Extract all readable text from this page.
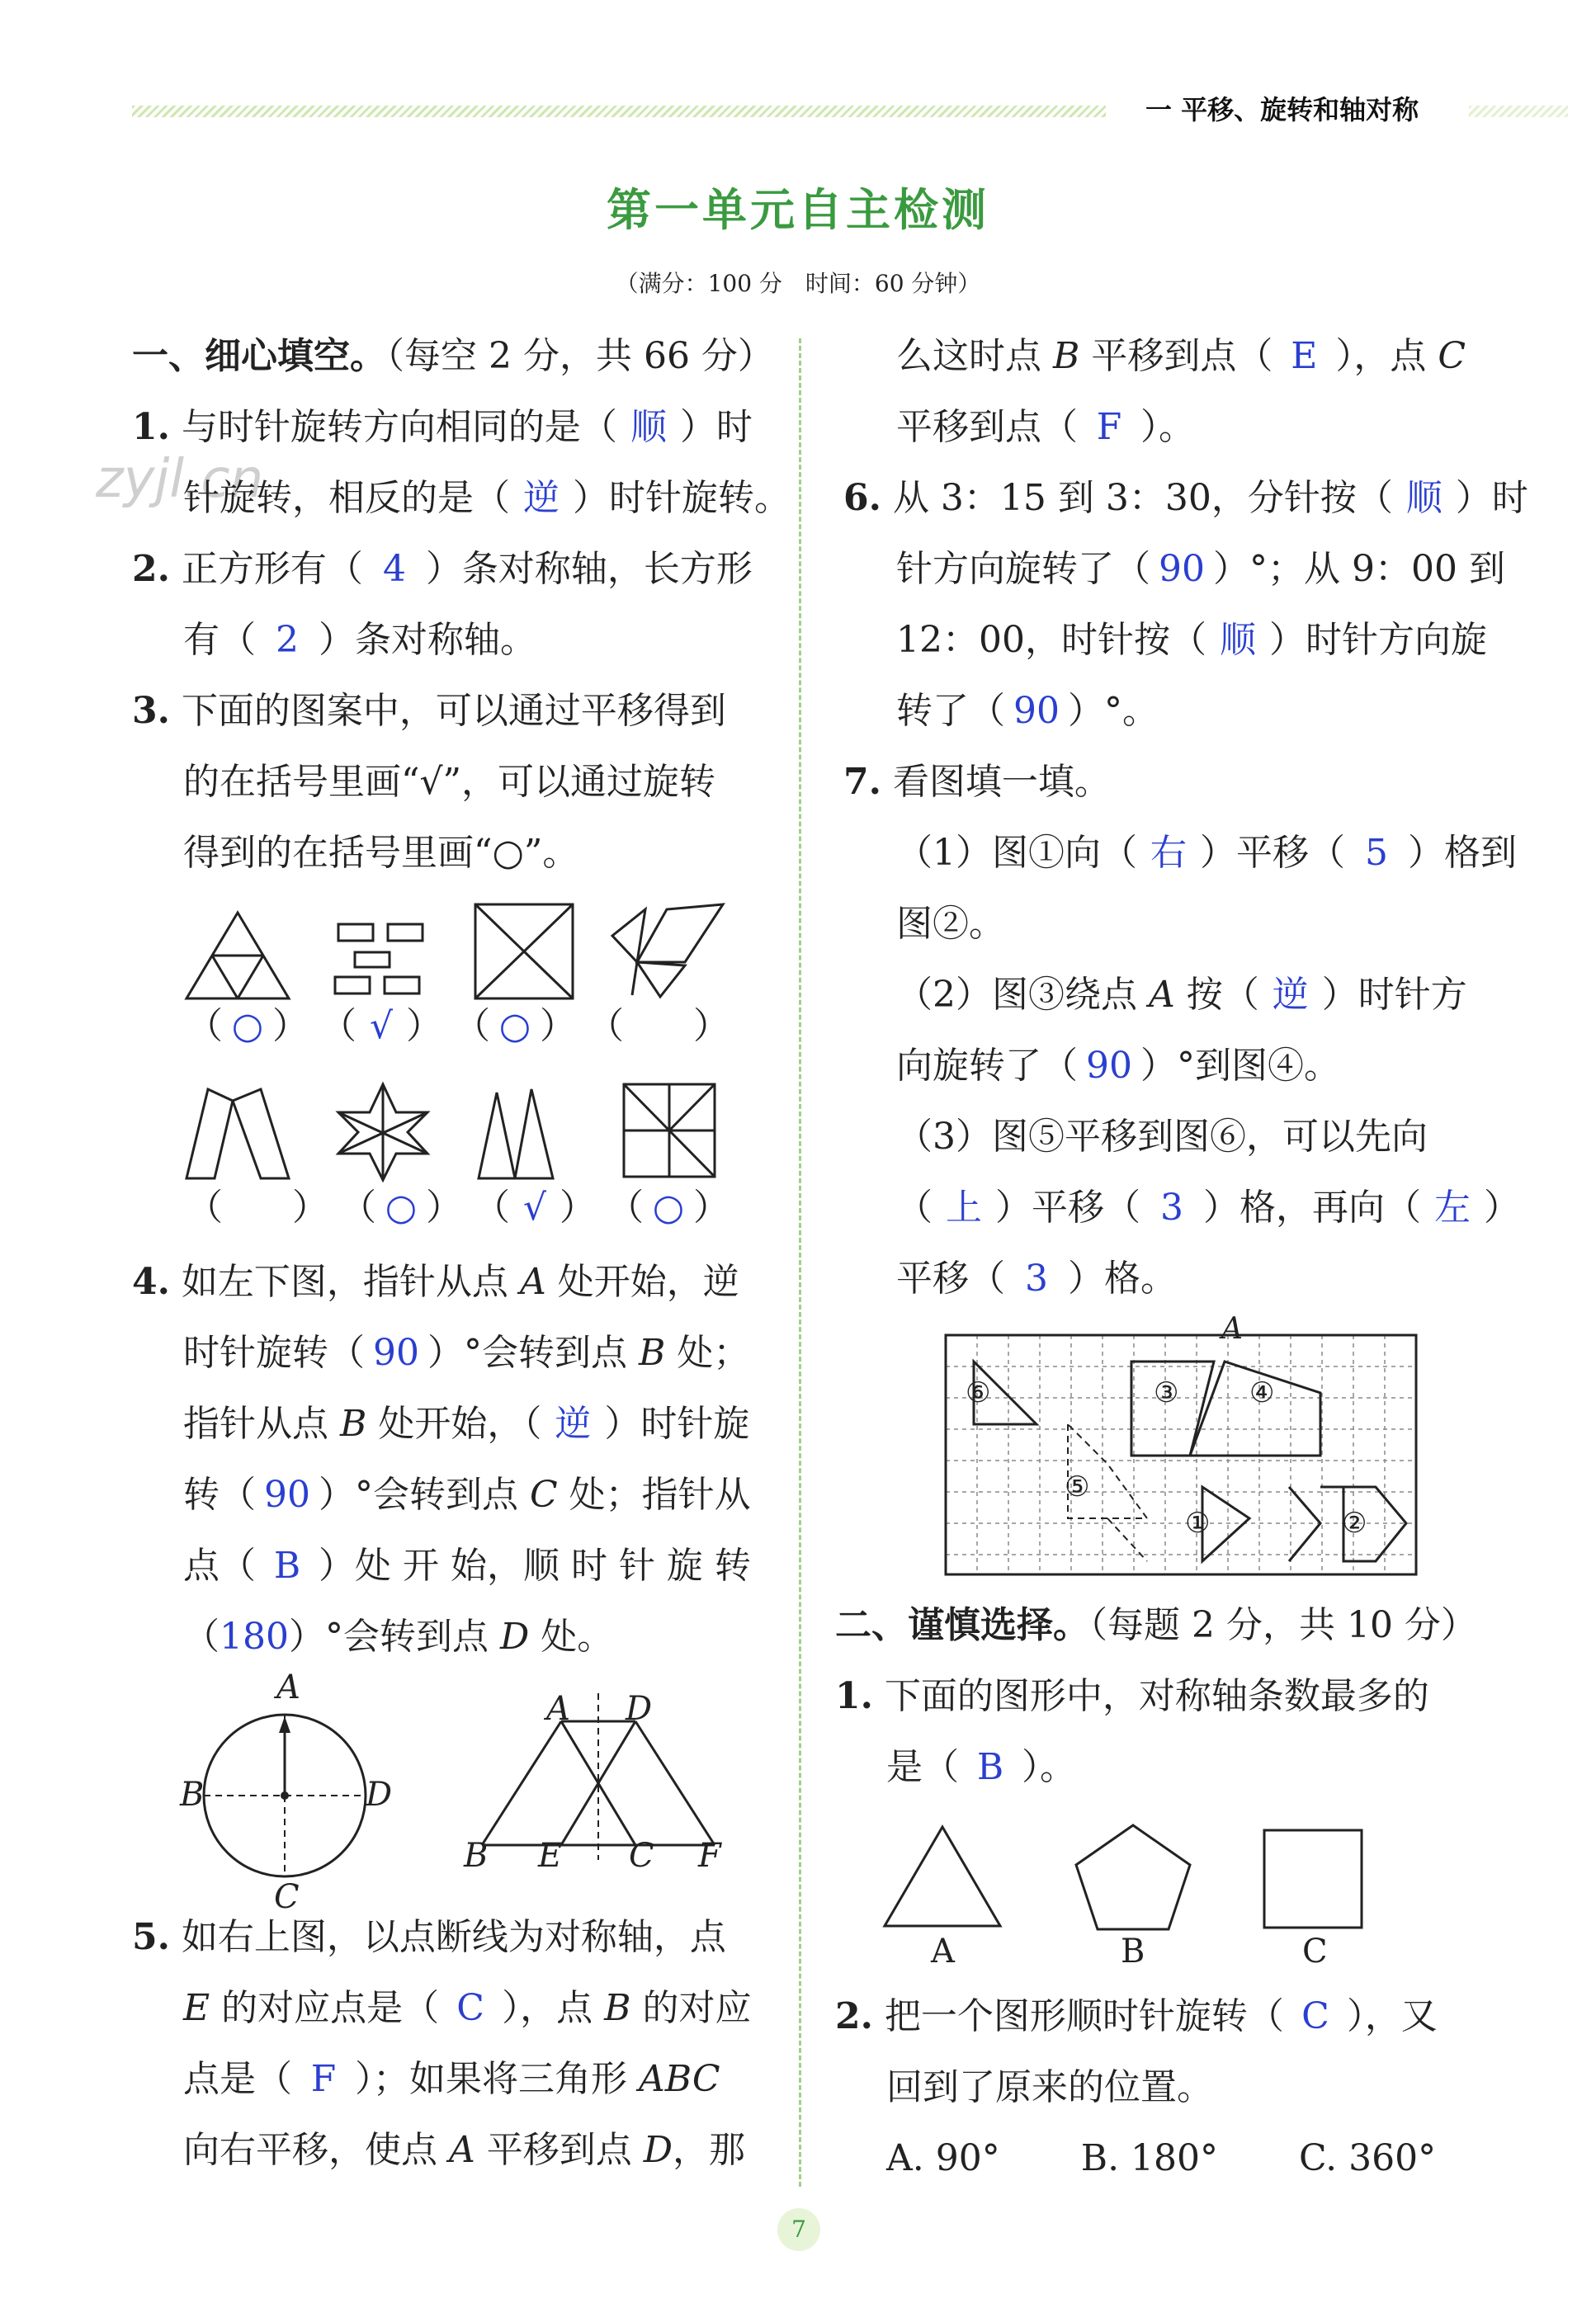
一 平移、旋转和轴对称
第一单元自主检测
（满分：100 分　时间：60 分钟）
zyjl.cn
一、细心填空。（每空 2 分，共 66 分）
1. 与时针旋转方向相同的是（ 顺 ）时
针旋转，相反的是（ 逆 ）时针旋转。
2. 正方形有（ 4 ）条对称轴，长方形
有（ 2 ）条对称轴。
3. 下面的图案中，可以通过平移得到
的在括号里画“√”，可以通过旋转
得到的在括号里画“○”。
（ ○ ） （ √ ） （ ○ ） （ ）
（ ） （ ○ ） （ √ ） （ ○ ）
4. 如左下图，指针从点 A 处开始，逆
时针旋转（ 90 ）°会转到点 B 处；
指针从点 B 处开始，（ 逆 ）时针旋
转（ 90 ）°会转到点 C 处；指针从
点（ B ）处 开 始，顺 时 针 旋 转
（180）°会转到点 D 处。
A
B	D
C
A D
B E C F
5. 如右上图，以点断线为对称轴，点
E 的对应点是（ C ），点 B 的对应
点是（ F ）；如果将三角形 ABC
向右平移，使点 A 平移到点 D，那
么这时点 B 平移到点（ E ），点 C
平移到点（ F ）。
6. 从 3：15 到 3：30，分针按（ 顺 ）时
针方向旋转了（ 90 ）°；从 9：00 到
12：00，时针按（ 顺 ）时针方向旋
转了（ 90 ）°。
7. 看图填一填。
（1）图①向（ 右 ）平移（ 5 ）格到
图②。
（2）图③绕点 A 按（ 逆 ）时针方
向旋转了（ 90 ）°到图④。
（3）图⑤平移到图⑥，可以先向
（ 上 ）平移（ 3 ）格，再向（ 左 ）
平移（ 3 ）格。
A
⑥	③	④
⑤
①	②
二、谨慎选择。（每题 2 分，共 10 分）
1. 下面的图形中，对称轴条数最多的
是（ B ）。
A	B	C
2. 把一个图形顺时针旋转（ C ），又
回到了原来的位置。
A. 90° B. 180° C. 360°
7
